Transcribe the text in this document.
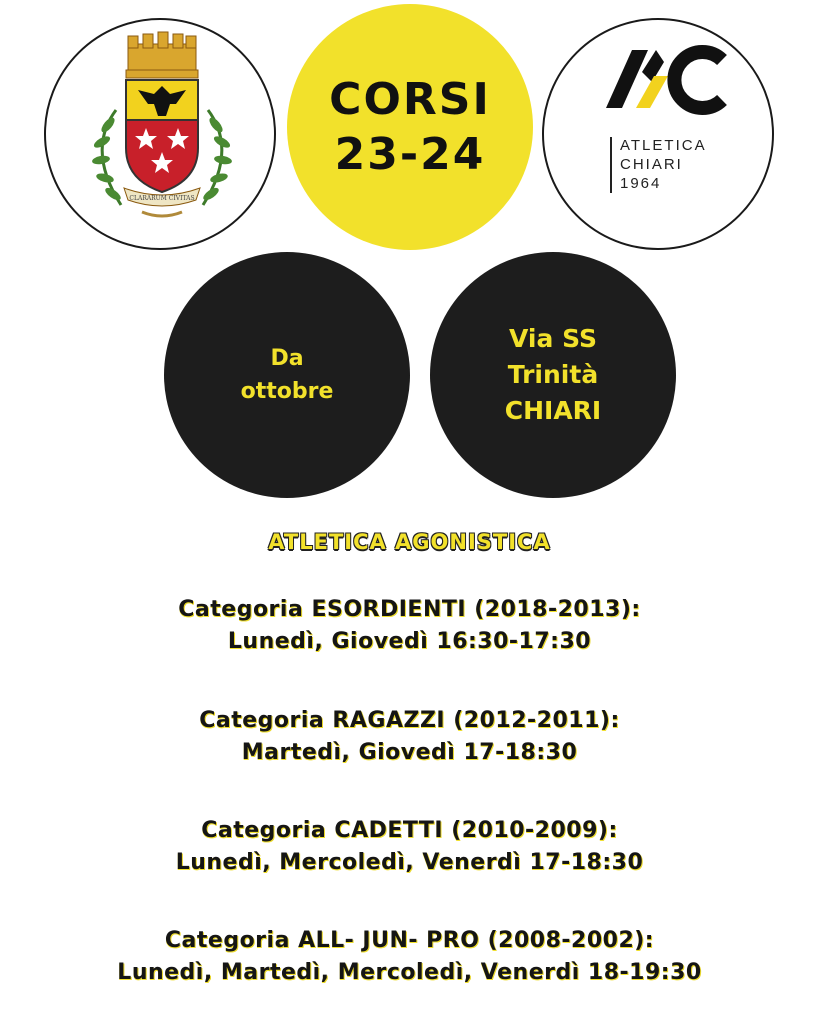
CLARARUM CIVITAS
CORSI
23-24	ATLETICA
CHIARI
1964
Da
ottobre
Via SS
Trinità
CHIARI
ATLETICA AGONISTICA
Categoria ESORDIENTI (2018-2013):
Lunedì, Giovedì 16:30-17:30
Categoria RAGAZZI (2012-2011):
Martedì, Giovedì 17-18:30
Categoria CADETTI (2010-2009):
Lunedì, Mercoledì, Venerdì 17-18:30
Categoria ALL- JUN- PRO (2008-2002):
Lunedì, Martedì, Mercoledì, Venerdì 18-19:30
